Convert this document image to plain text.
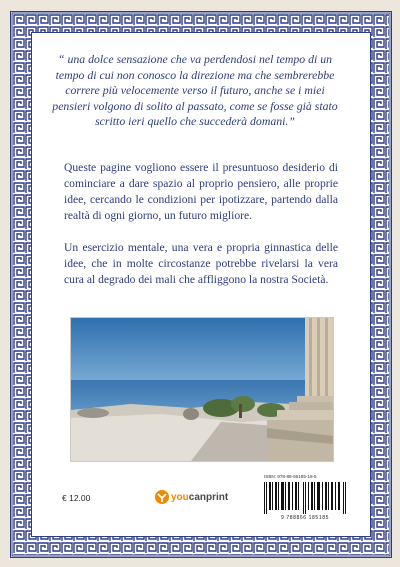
“ una dolce sensazione che va perdendosi nel tempo di un tempo di cui non conosco la direzione ma che sembrerebbe correre più velocemente verso il futuro, anche se i miei pensieri volgono di solito al passato, come se fosse già stato scritto ieri quello che succederà domani.”
Queste pagine vogliono essere il presuntuoso desiderio di cominciare a dare spazio al proprio pensiero, alle proprie idee, cercando le condizioni per ipotizzare, partendo dalla realtà di ogni giorno, un futuro migliore.
Un esercizio mentale, una vera e propria ginnastica delle idee, che in molte circostanze potrebbe rivelarsi la vera cura al degrado dei mali che affliggono la nostra Società.
ISBN: 978-88-66185-18-5
9 788866 185185
€ 12.00	youcanprint
